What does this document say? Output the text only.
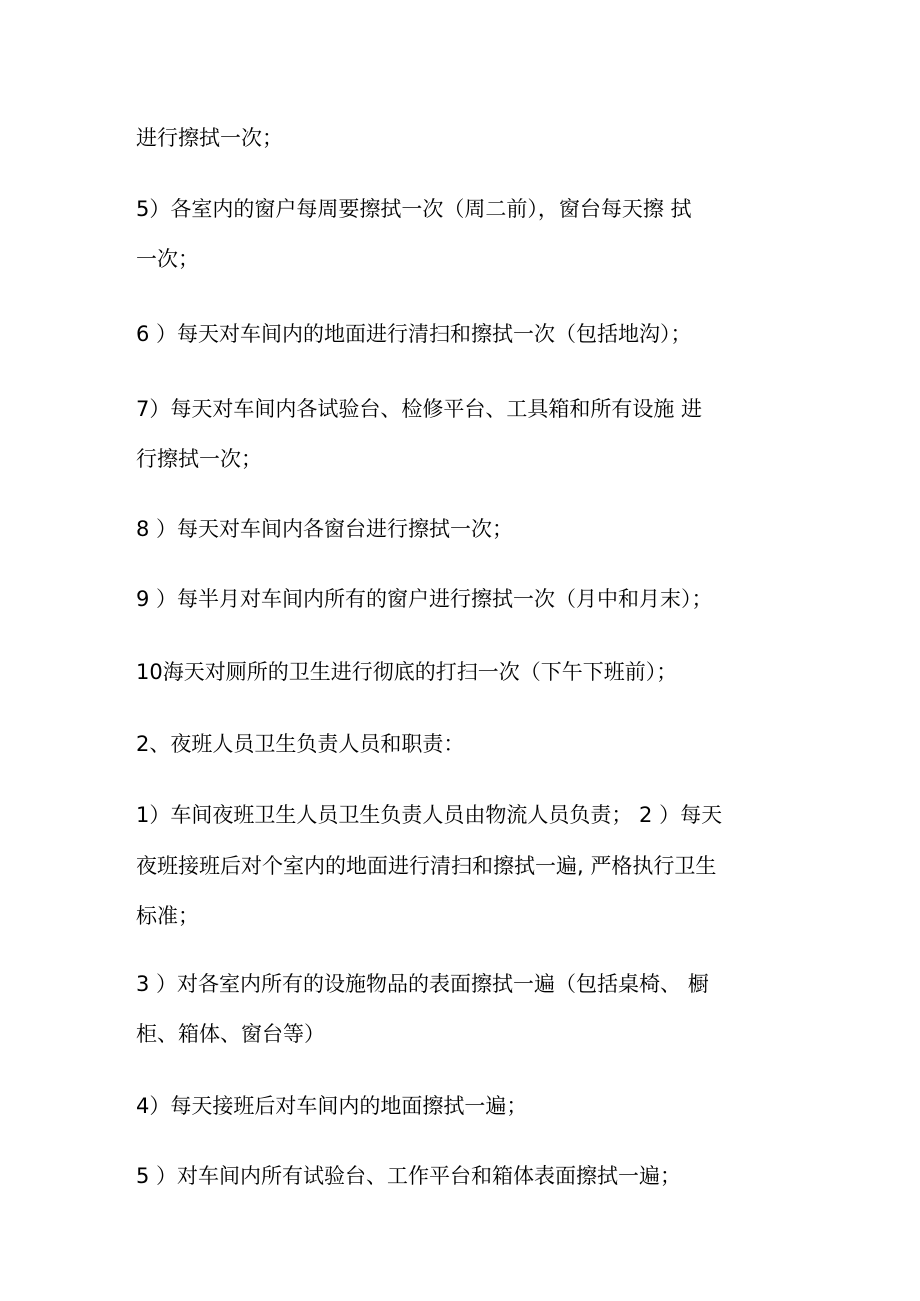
进行擦拭一次；
5）各室内的窗户每周要擦拭一次（周二前），窗台每天擦 拭
一次；
6 ）每天对车间内的地面进行清扫和擦拭一次（包括地沟）；
7）每天对车间内各试验台、检修平台、工具箱和所有设施 进
行擦拭一次；
8 ）每天对车间内各窗台进行擦拭一次；
9 ）每半月对车间内所有的窗户进行擦拭一次（月中和月末）；
10海天对厕所的卫生进行彻底的打扫一次（下午下班前）；
2、夜班人员卫生负责人员和职责：
1）车间夜班卫生人员卫生负责人员由物流人员负责； 2 ）每天
夜班接班后对个室内的地面进行清扫和擦拭一遍, 严格执行卫生
标准；
3 ）对各室内所有的设施物品的表面擦拭一遍（包括桌椅、 橱
柜、箱体、窗台等）
4）每天接班后对车间内的地面擦拭一遍；
5 ）对车间内所有试验台、工作平台和箱体表面擦拭一遍；
